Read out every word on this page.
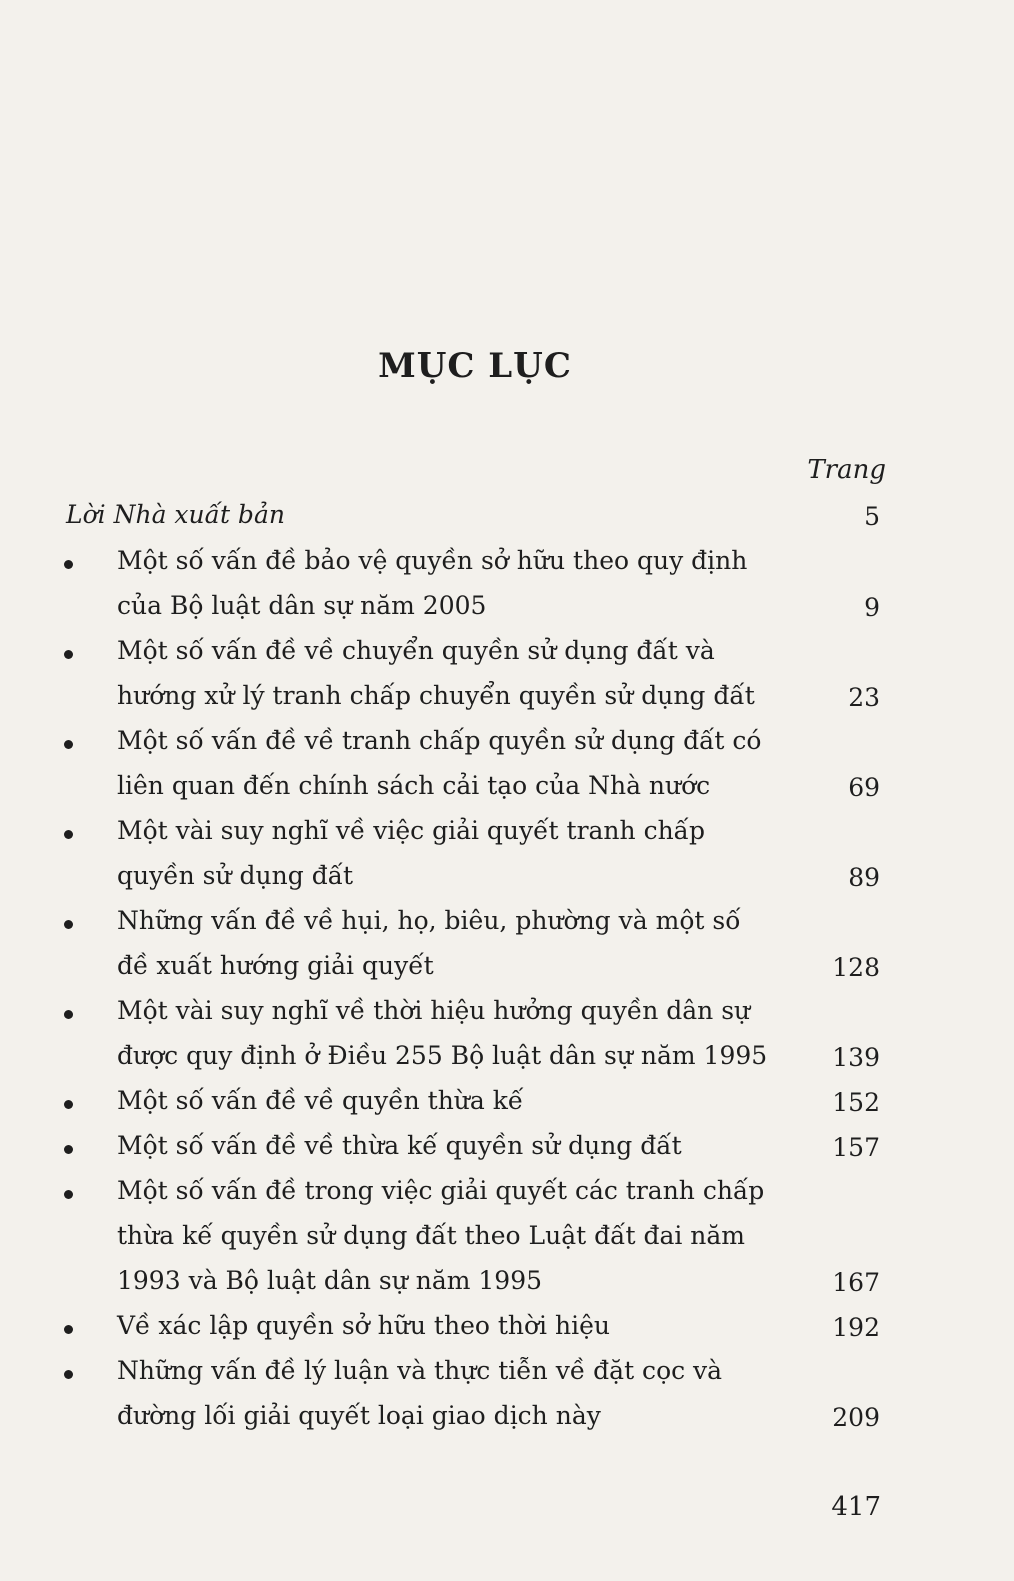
MỤC LỤC
Trang
Lời Nhà xuất bản	5
Một số vấn đề bảo vệ quyền sở hữu theo quy định
của Bộ luật dân sự năm 2005	9
Một số vấn đề về chuyển quyền sử dụng đất và
hướng xử lý tranh chấp chuyển quyền sử dụng đất	23
Một số vấn đề về tranh chấp quyền sử dụng đất có
liên quan đến chính sách cải tạo của Nhà nước	69
Một vài suy nghĩ về việc giải quyết tranh chấp
quyền sử dụng đất	89
Những vấn đề về hụi, họ, biêu, phường và một số
đề xuất hướng giải quyết	128
Một vài suy nghĩ về thời hiệu hưởng quyền dân sự
được quy định ở Điều 255 Bộ luật dân sự năm 1995	139
Một số vấn đề về quyền thừa kế	152
Một số vấn đề về thừa kế quyền sử dụng đất	157
Một số vấn đề trong việc giải quyết các tranh chấp
thừa kế quyền sử dụng đất theo Luật đất đai năm
1993 và Bộ luật dân sự năm 1995	167
Về xác lập quyền sở hữu theo thời hiệu	192
Những vấn đề lý luận và thực tiễn về đặt cọc và
đường lối giải quyết loại giao dịch này	209
417
